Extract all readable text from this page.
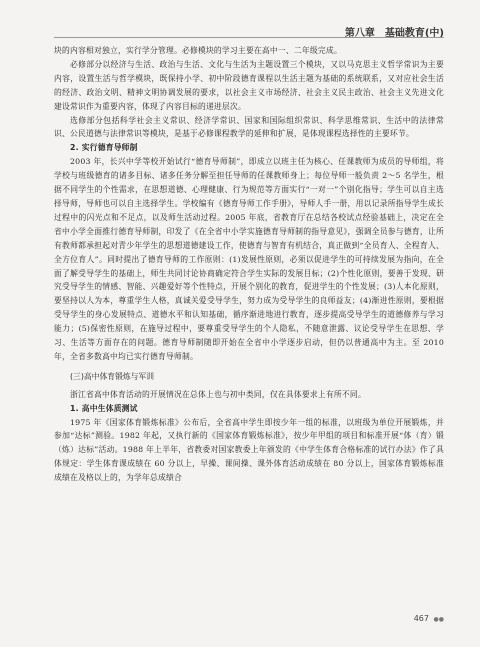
第八章　基础教育(中)

块的内容相对独立，实行学分管理。必修模块的学习主要在高中一、二年级完成。

必修部分以经济与生活、政治与生活、文化与生活为主题设置三个模块，又以马克思主义哲学常识为主要内容，设置生活与哲学模块，既保持小学、初中阶段德育课程以生活主题为基础的系统联系，又对应社会生活的经济、政治文明、精神文明协调发展的要求，以社会主义市场经济、社会主义民主政治、社会主义先进文化建设常识作为重要内容，体现了内容目标的递进层次。

选修部分包括科学社会主义常识、经济学常识、国家和国际组织常识、科学思维常识、生活中的法律常识、公民道德与法律常识等模块，是基于必修课程教学的延伸和扩展，是体现课程选择性的主要环节。

2. 实行德育导师制

2003 年，长兴中学等校开始试行“德育导师制”，即成立以班主任为核心、任课教师为成员的导师组，将学校与班级德育的诸多目标、诸多任务分解至担任导师的任课教师身上；每位导师一般负责 2～5 名学生，根据不同学生的个性需求，在思想道德、心理健康、行为规范等方面实行“一对一”个别化指导；学生可以自主选择导师，导师也可以自主选择学生。学校编有《德育导师工作手册》，导师人手一册，用以记录所指导学生成长过程中的闪光点和不足点，以及师生活动过程。2005 年底，省教育厅在总结各校试点经验基础上，决定在全省中小学全面推行德育导师制，印发了《在全省中小学实施德育导师制的指导意见》，强调全员参与德育，让所有教师都承担起对青少年学生的思想道德建设工作，使德育与智育有机结合，真正做到“全员育人、全程育人、全方位育人”。同时提出了德育导师的工作原则：(1)发展性原则，必须以促进学生的可持续发展为指向，在全面了解受导学生的基础上，师生共同讨论协商确定符合学生实际的发展目标；(2)个性化原则，要善于发现、研究受导学生的情感、智能、兴趣爱好等个性特点，开展个别化的教育，促进学生的个性发展；(3)人本化原则，要坚持以人为本，尊重学生人格，真诚关爱受导学生，努力成为受导学生的良师益友；(4)渐进性原则，要根据受导学生的身心发展特点、道德水平和认知基础，循序渐进地进行教育，逐步提高受导学生的道德修养与学习能力；(5)保密性原则，在施导过程中，要尊重受导学生的个人隐私，不随意泄露、议论受导学生在思想、学习、生活等方面存在的问题。德育导师制随即开始在全省中小学逐步启动，但仍以普通高中为主。至 2010 年，全省多数高中均已实行德育导师制。

(三)高中体育锻炼与军训

浙江省高中体育活动的开展情况在总体上也与初中类同，仅在具体要求上有所不同。

1. 高中生体质测试

1975 年《国家体育锻炼标准》公布后，全省高中学生即按少年一组的标准，以班级为单位开展锻炼，并参加“达标”测验。1982 年起，又执行新的《国家体育锻炼标准》，按少年甲组的项目和标准开展“体（育）锻（炼）达标”活动。1988 年上半年，省教委对国家教委上年颁发的《中学生体育合格标准的试行办法》作了具体规定：学生体育课成绩在 60 分以上，早操、课间操、课外体育活动成绩在 80 分以上，国家体育锻炼标准成绩在及格以上的，为学年总成绩合

467 ●●
